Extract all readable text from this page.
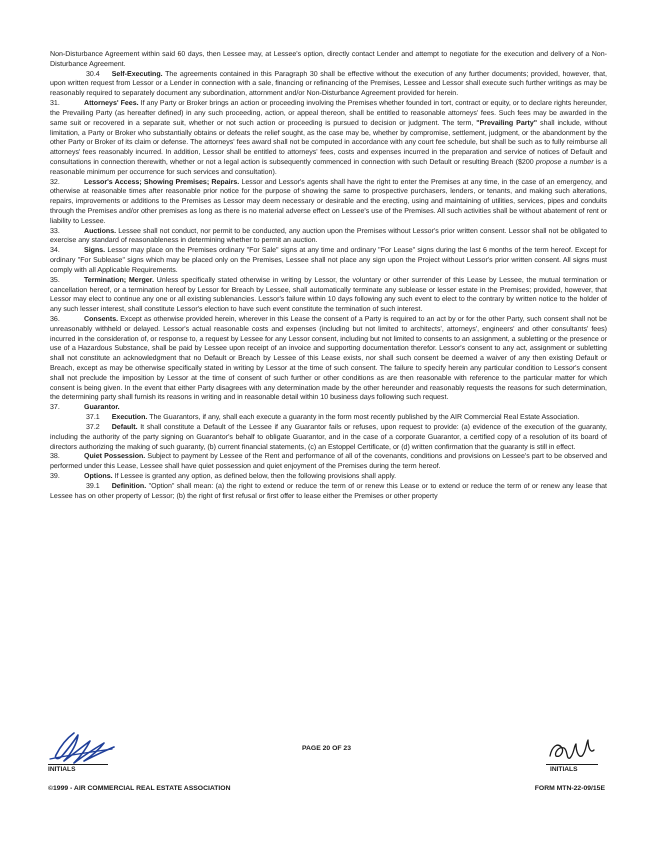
Non-Disturbance Agreement within said 60 days, then Lessee may, at Lessee's option, directly contact Lender and attempt to negotiate for the execution and delivery of a Non-Disturbance Agreement.

30.4 Self-Executing. The agreements contained in this Paragraph 30 shall be effective without the execution of any further documents; provided, however, that, upon written request from Lessor or a Lender in connection with a sale, financing or refinancing of the Premises, Lessee and Lessor shall execute such further writings as may be reasonably required to separately document any subordination, attornment and/or Non-Disturbance Agreement provided for herein.

31.	Attorneys' Fees. If any Party or Broker brings an action or proceeding involving the Premises whether founded in tort, contract or equity, or to declare rights hereunder, the Prevailing Party (as hereafter defined) in any such proceeding, action, or appeal thereon, shall be entitled to reasonable attorneys' fees. Such fees may be awarded in the same suit or recovered in a separate suit, whether or not such action or proceeding is pursued to decision or judgment. The term, "Prevailing Party" shall include, without limitation, a Party or Broker who substantially obtains or defeats the relief sought, as the case may be, whether by compromise, settlement, judgment, or the abandonment by the other Party or Broker of its claim or defense. The attorneys' fees award shall not be computed in accordance with any court fee schedule, but shall be such as to fully reimburse all attorneys' fees reasonably incurred. In addition, Lessor shall be entitled to attorneys' fees, costs and expenses incurred in the preparation and service of notices of Default and consultations in connection therewith, whether or not a legal action is subsequently commenced in connection with such Default or resulting Breach ($200 propose a number is a reasonable minimum per occurrence for such services and consultation).

32.	Lessor's Access; Showing Premises; Repairs. Lessor and Lessor's agents shall have the right to enter the Premises at any time, in the case of an emergency, and otherwise at reasonable times after reasonable prior notice for the purpose of showing the same to prospective purchasers, lenders, or tenants, and making such alterations, repairs, improvements or additions to the Premises as Lessor may deem necessary or desirable and the erecting, using and maintaining of utilities, services, pipes and conduits through the Premises and/or other premises as long as there is no material adverse effect on Lessee's use of the Premises. All such activities shall be without abatement of rent or liability to Lessee.

33.	Auctions. Lessee shall not conduct, nor permit to be conducted, any auction upon the Premises without Lessor's prior written consent. Lessor shall not be obligated to exercise any standard of reasonableness in determining whether to permit an auction.

34.	Signs. Lessor may place on the Premises ordinary "For Sale" signs at any time and ordinary "For Lease" signs during the last 6 months of the term hereof. Except for ordinary "For Sublease" signs which may be placed only on the Premises, Lessee shall not place any sign upon the Project without Lessor's prior written consent. All signs must comply with all Applicable Requirements.

35.	Termination; Merger. Unless specifically stated otherwise in writing by Lessor, the voluntary or other surrender of this Lease by Lessee, the mutual termination or cancellation hereof, or a termination hereof by Lessor for Breach by Lessee, shall automatically terminate any sublease or lesser estate in the Premises; provided, however, that Lessor may elect to continue any one or all existing sublenancies. Lessor's failure within 10 days following any such event to elect to the contrary by written notice to the holder of any such lesser interest, shall constitute Lessor's election to have such event constitute the termination of such interest.

36.	Consents. Except as otherwise provided herein, wherever in this Lease the consent of a Party is required to an act by or for the other Party, such consent shall not be unreasonably withheld or delayed. Lessor's actual reasonable costs and expenses (including but not limited to architects', attorneys', engineers' and other consultants' fees) incurred in the consideration of, or response to, a request by Lessee for any Lessor consent, including but not limited to consents to an assignment, a subletting or the presence or use of a Hazardous Substance, shall be paid by Lessee upon receipt of an invoice and supporting documentation therefor. Lessor's consent to any act, assignment or subletting shall not constitute an acknowledgment that no Default or Breach by Lessee of this Lease exists, nor shall such consent be deemed a waiver of any then existing Default or Breach, except as may be otherwise specifically stated in writing by Lessor at the time of such consent. The failure to specify herein any particular condition to Lessor's consent shall not preclude the imposition by Lessor at the time of consent of such further or other conditions as are then reasonable with reference to the particular matter for which consent is being given. In the event that either Party disagrees with any determination made by the other hereunder and reasonably requests the reasons for such determination, the determining party shall furnish its reasons in writing and in reasonable detail within 10 business days following such request.

37.	Guarantor.

37.1 Execution. The Guarantors, if any, shall each execute a guaranty in the form most recently published by the AIR Commercial Real Estate Association.

37.2 Default. It shall constitute a Default of the Lessee if any Guarantor fails or refuses, upon request to provide: (a) evidence of the execution of the guaranty, including the authority of the party signing on Guarantor's behalf to obligate Guarantor, and in the case of a corporate Guarantor, a certified copy of a resolution of its board of directors authorizing the making of such guaranty, (b) current financial statements, (c) an Estoppel Certificate, or (d) written confirmation that the guaranty is still in effect.

38.	Quiet Possession. Subject to payment by Lessee of the Rent and performance of all of the covenants, conditions and provisions on Lessee's part to be observed and performed under this Lease, Lessee shall have quiet possession and quiet enjoyment of the Premises during the term hereof.

39.	Options. If Lessee is granted any option, as defined below, then the following provisions shall apply.

39.1 Definition. "Option" shall mean: (a) the right to extend or reduce the term of or renew this Lease or to extend or reduce the term of or renew any lease that Lessee has on other property of Lessor; (b) the right of first refusal or first offer to lease either the Premises or other property

INITIALS
PAGE 20 OF 23
INITIALS
©1999 - AIR COMMERCIAL REAL ESTATE ASSOCIATION	FORM MTN-22-09/15E
